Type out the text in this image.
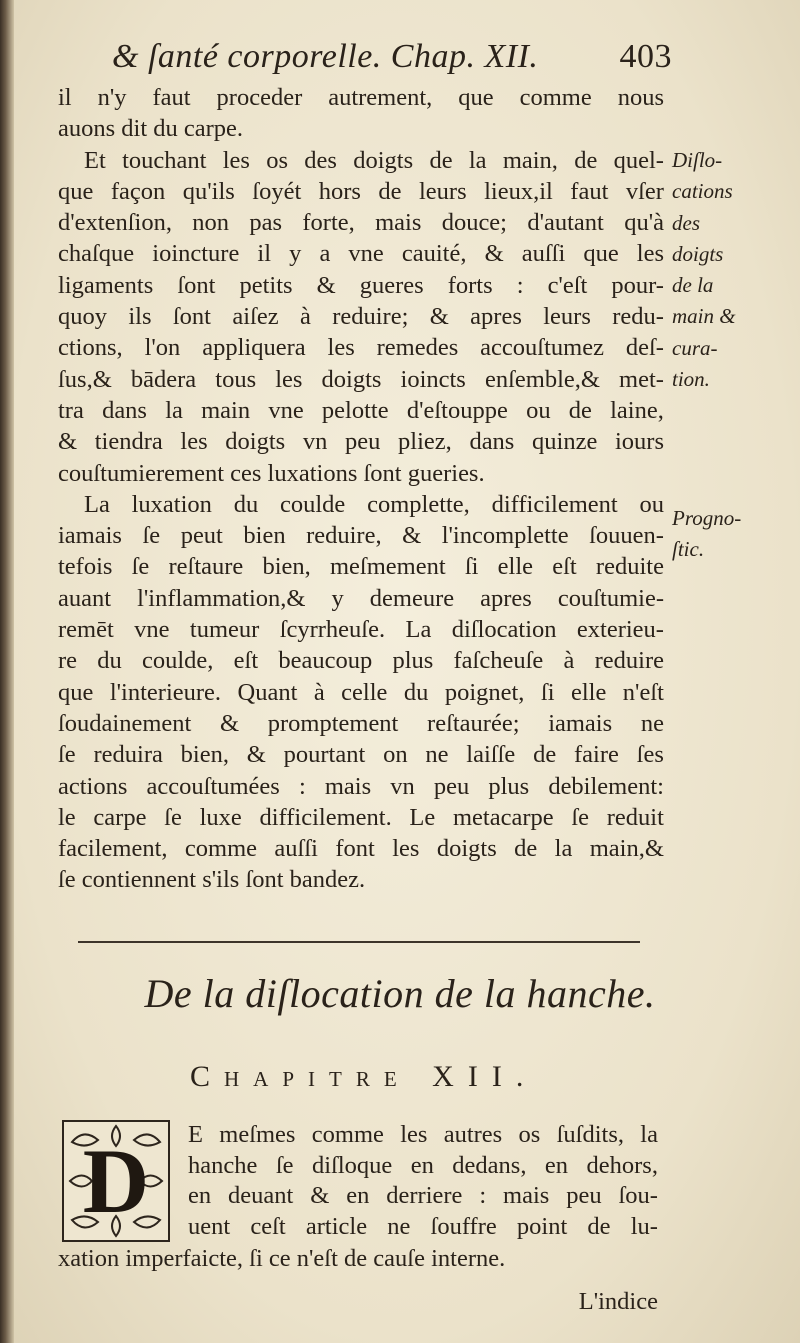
& ſanté corporelle. Chap. XII. 403
il n'y faut proceder autrement, que comme nous
auons dit du carpe.
Et touchant les os des doigts de la main, de quel-
que façon qu'ils ſoyét hors de leurs lieux,il faut vſer
d'extenſion, non pas forte, mais douce; d'autant qu'à
chaſque ioincture il y a vne cauité, & auſſi que les
ligaments ſont petits & gueres forts : c'eſt pour-
quoy ils ſont aiſez à reduire; & apres leurs redu-
ctions, l'on appliquera les remedes accouſtumez deſ-
ſus,& bādera tous les doigts ioincts enſemble,& met-
tra dans la main vne pelotte d'eſtouppe ou de laine,
& tiendra les doigts vn peu pliez, dans quinze iours
couſtumierement ces luxations ſont gueries.
La luxation du coulde complette, difficilement ou
iamais ſe peut bien reduire, & l'incomplette ſouuen-
tefois ſe reſtaure bien, meſmement ſi elle eſt reduite
auant l'inflammation,& y demeure apres couſtumie-
remēt vne tumeur ſcyrrheuſe. La diſlocation exterieu-
re du coulde, eſt beaucoup plus faſcheuſe à reduire
que l'interieure. Quant à celle du poignet, ſi elle n'eſt
ſoudainement & promptement reſtaurée; iamais ne
ſe reduira bien, & pourtant on ne laiſſe de faire ſes
actions accouſtumées : mais vn peu plus debilement:
le carpe ſe luxe difficilement. Le metacarpe ſe reduit
facilement, comme auſſi font les doigts de la main,&
ſe contiennent s'ils ſont bandez.
Diſlo-
cations
des
doigts
de la
main &
cura-
tion.
Progno-
ſtic.
De la diſlocation de la hanche.
Chapitre XII.
D	E meſmes comme les autres os ſuſdits, la
hanche ſe diſloque en dedans, en dehors,
en deuant & en derriere : mais peu ſou-
uent ceſt article ne ſouffre point de lu-
xation imperfaicte, ſi ce n'eſt de cauſe interne.
L'indice
